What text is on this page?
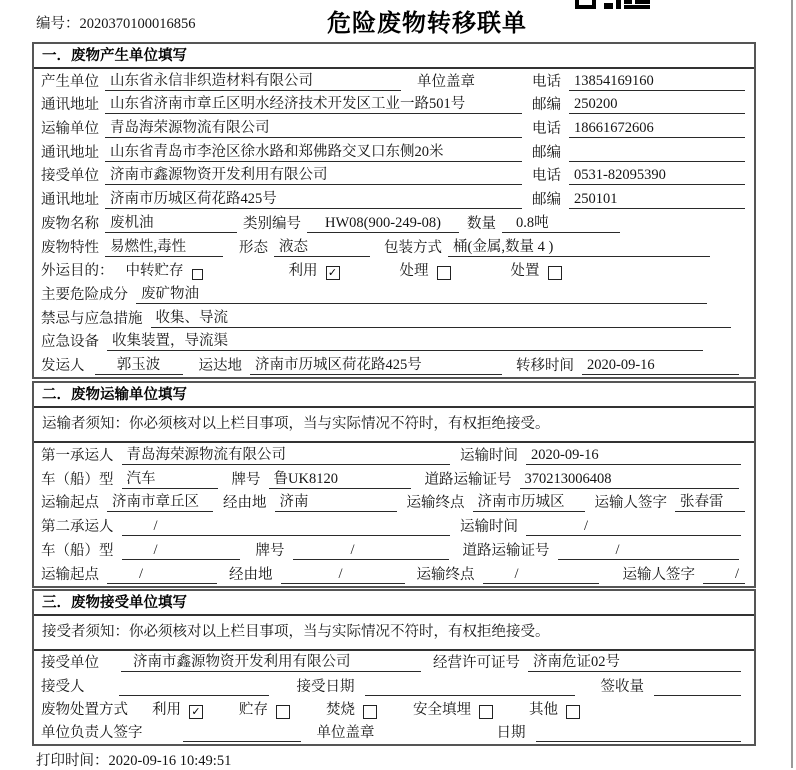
编号：2020370100016856	危险废物转移联单
一．废物产生单位填写
产生单位 山东省永信非织造材料有限公司	单位盖章	电话 13854169160
通讯地址 山东省济南市章丘区明水经济技术开发区工业一路501号	邮编 250200
运输单位 青岛海荣源物流有限公司	电话 18661672606
通讯地址 山东省青岛市李沧区徐水路和郑佛路交叉口东侧20米	邮编
接受单位 济南市鑫源物资开发利用有限公司	电话 0531-82095390
通讯地址 济南市历城区荷花路425号	邮编 250101
废物名称 废机油	类别编号	HW08(900-249-08)	数量	0.8吨
废物特性 易燃性,毒性	形态 液态	包装方式 桶(金属,数量 4 )
外运目的： 中转贮存	利用 ✓	处理	处置
主要危险成分 废矿物油
禁忌与应急措施 收集、导流
应急设备 收集装置，导流渠
发运人	郭玉波	运达地 济南市历城区荷花路425号	转移时间 2020-09-16
二．废物运输单位填写
运输者须知：你必须核对以上栏目事项，当与实际情况不符时，有权拒绝接受。
第一承运人 青岛海荣源物流有限公司	运输时间 2020-09-16
车（船）型 汽车	牌号 鲁UK8120	道路运输证号 370213006408
运输起点 济南市章丘区	经由地 济南	运输终点 济南市历城区	运输人签字 张春雷
第二承运人	/	运输时间	/
车（船）型	/	牌号	/	道路运输证号	/
运输起点	/	经由地	/	运输终点	/	运输人签字	/
三．废物接受单位填写
接受者须知：你必须核对以上栏目事项，当与实际情况不符时，有权拒绝接受。
接受单位	济南市鑫源物资开发利用有限公司	经营许可证号 济南危证02号
接受人	接受日期	签收量
废物处置方式 利用 ✓	贮存	焚烧	安全填埋	其他
单位负责人签字	单位盖章	日期
打印时间：2020-09-16 10:49:51
